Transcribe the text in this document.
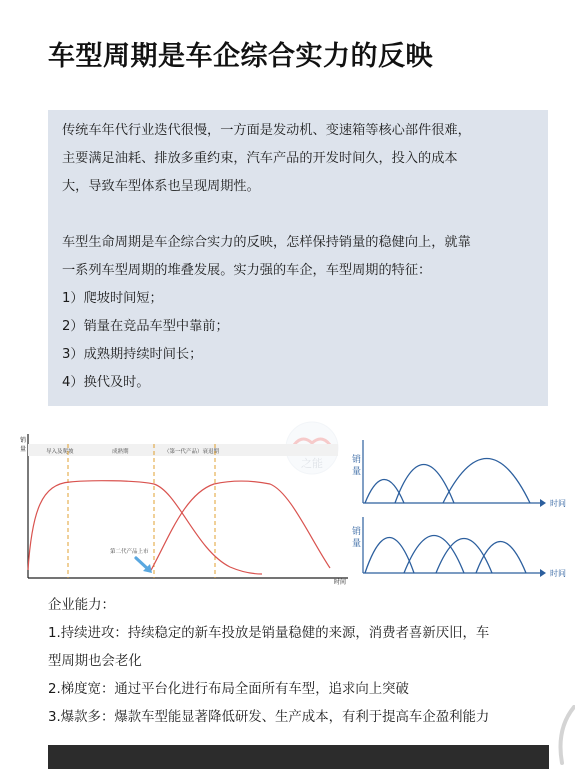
车型周期是车企综合实力的反映

传统车年代行业迭代很慢，一方面是发动机、变速箱等核心部件很难，

主要满足油耗、排放多重约束，汽车产品的开发时间久，投入的成本

大，导致车型体系也呈现周期性。

车型生命周期是车企综合实力的反映，怎样保持销量的稳健向上，就靠

一系列车型周期的堆叠发展。实力强的车企，车型周期的特征：

1）爬坡时间短；

2）销量在竞品车型中靠前；

3）成熟期持续时间长；

4）换代及时。

之能
销
量
时间
导入及爬坡	成熟期	（第一代产品）衰退期
第二代产品上市
销
量
时间
销
量
时间
企业能力：
1.持续进攻：持续稳定的新车投放是销量稳健的来源，消费者喜新厌旧，车
型周期也会老化
2.梯度宽：通过平台化进行布局全面所有车型，追求向上突破
3.爆款多：爆款车型能显著降低研发、生产成本，有利于提高车企盈利能力
